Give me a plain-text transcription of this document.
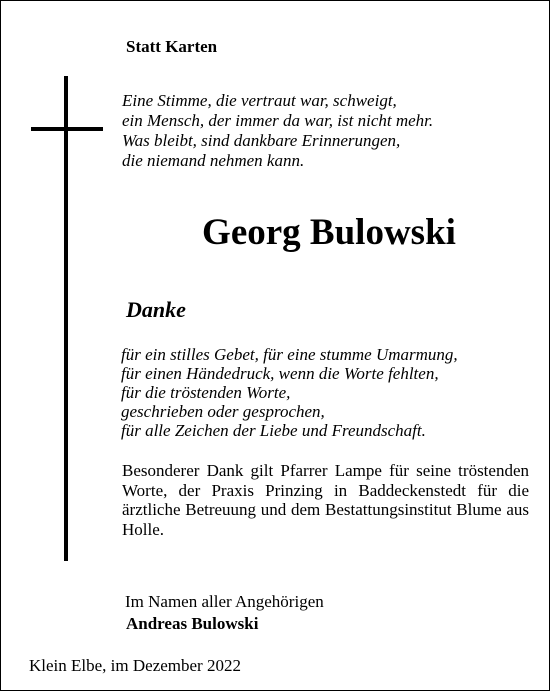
Statt Karten
Eine Stimme, die vertraut war, schweigt,
ein Mensch, der immer da war, ist nicht mehr.
Was bleibt, sind dankbare Erinnerungen,
die niemand nehmen kann.
Georg Bulowski
Danke
für ein stilles Gebet, für eine stumme Umarmung,
für einen Händedruck, wenn die Worte fehlten,
für die tröstenden Worte,
geschrieben oder gesprochen,
für alle Zeichen der Liebe und Freundschaft.
Besonderer Dank gilt Pfarrer Lampe für seine tröstenden Worte, der Praxis Prinzing in Baddeckenstedt für die ärztliche Betreuung und dem Bestattungsinstitut Blume aus Holle.
Im Namen aller Angehörigen
Andreas Bulowski
Klein Elbe, im Dezember 2022
